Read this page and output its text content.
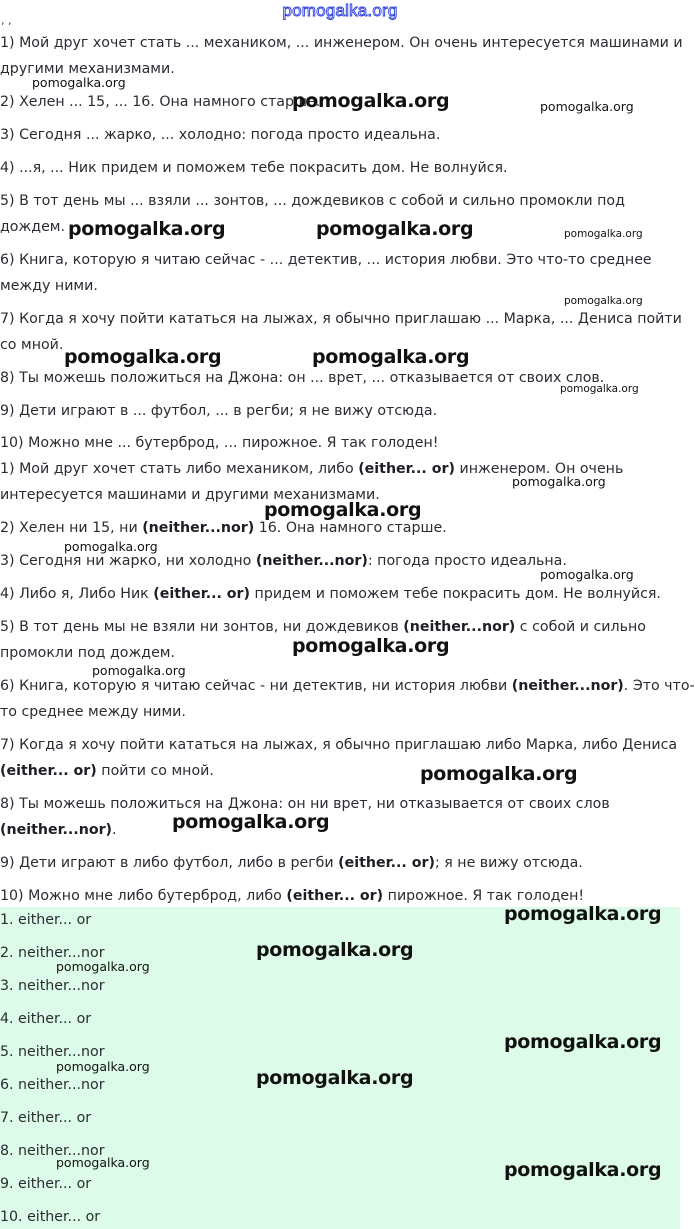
pomogalka.org
, ,
1) Мой друг хочет стать ... механиком, ... инженером. Он очень интересуется машинами и
другими механизмами.
2) Хелен ... 15, ... 16. Она намного старше.
3) Сегодня ... жарко, ... холодно: погода просто идеальна.
4) ...я, ... Ник придем и поможем тебе покрасить дом. Не волнуйся.
5) В тот день мы ... взяли ... зонтов, ... дождевиков с собой и сильно промокли под
дождем.
6) Книга, которую я читаю сейчас - ... детектив, ... история любви. Это что-то среднее
между ними.
7) Когда я хочу пойти кататься на лыжах, я обычно приглашаю ... Марка, ... Дениса пойти
со мной.
8) Ты можешь положиться на Джона: он ... врет, ... отказывается от своих слов.
9) Дети играют в ... футбол, ... в регби; я не вижу отсюда.
10) Можно мне ... бутерброд, ... пирожное. Я так голоден!
1) Мой друг хочет стать либо механиком, либо (either... or) инженером. Он очень
интересуется машинами и другими механизмами.
2) Хелен ни 15, ни (neither...nor) 16. Она намного старше.
3) Сегодня ни жарко, ни холодно (neither...nor): погода просто идеальна.
4) Либо я, Либо Ник (either... or) придем и поможем тебе покрасить дом. Не волнуйся.
5) В тот день мы не взяли ни зонтов, ни дождевиков (neither...nor) с собой и сильно
промокли под дождем.
6) Книга, которую я читаю сейчас - ни детектив, ни история любви (neither...nor). Это что-
то среднее между ними.
7) Когда я хочу пойти кататься на лыжах, я обычно приглашаю либо Марка, либо Дениса
(either... or) пойти со мной.
8) Ты можешь положиться на Джона: он ни врет, ни отказывается от своих слов
(neither...nor).
9) Дети играют в либо футбол, либо в регби (either... or); я не вижу отсюда.
10) Можно мне либо бутерброд, либо (either... or) пирожное. Я так голоден!
1. either... or
2. neither...nor
3. neither...nor
4. either... or
5. neither...nor
6. neither...nor
7. either... or
8. neither...nor
9. either... or
10. either... or
pomogalka.org
pomogalka.org	pomogalka.org
pomogalka.org	pomogalka.org	pomogalka.org
pomogalka.org
pomogalka.org	pomogalka.org
pomogalka.org
pomogalka.org
pomogalka.org
pomogalka.org
pomogalka.org
pomogalka.org
pomogalka.org
pomogalka.org
pomogalka.org
pomogalka.org
pomogalka.org
pomogalka.org
pomogalka.org
pomogalka.org
pomogalka.org
pomogalka.org	pomogalka.org
